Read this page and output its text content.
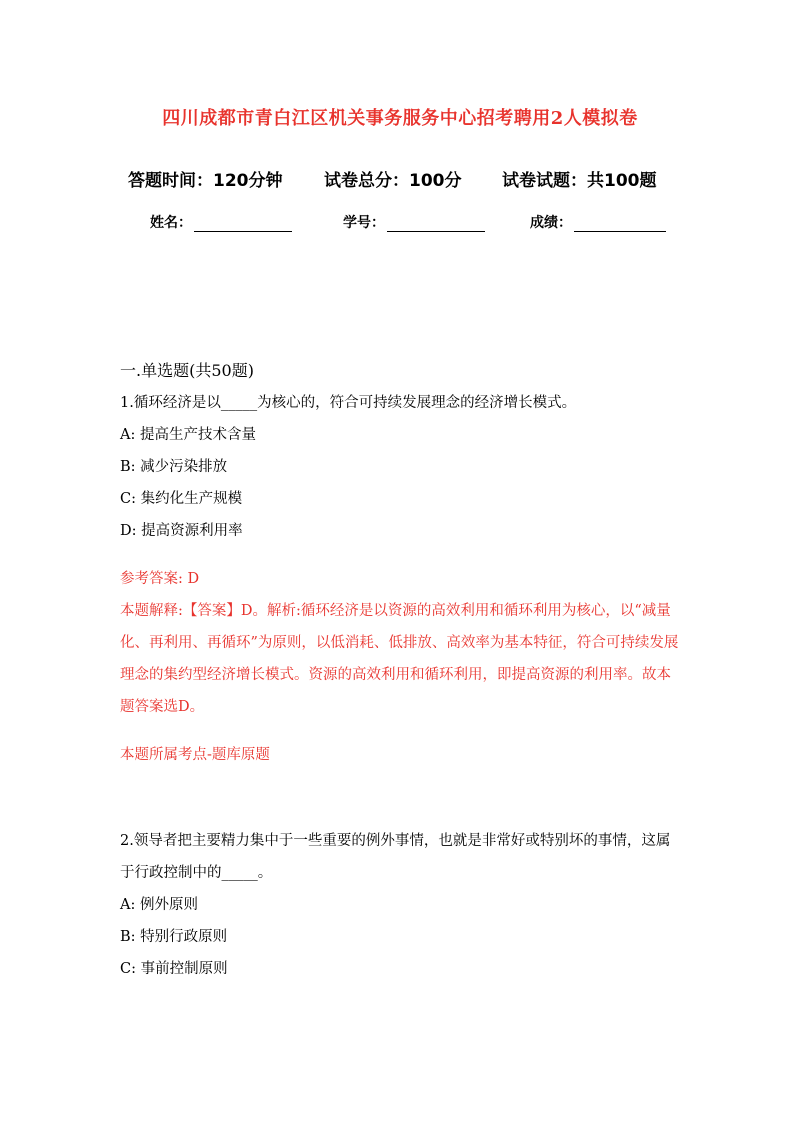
四川成都市青白江区机关事务服务中心招考聘用2人模拟卷
答题时间：120分钟 试卷总分：100分 试卷试题：共100题
姓名：	学号：	成绩：
一.单选题(共50题)

1.循环经济是以_____为核心的，符合可持续发展理念的经济增长模式。

A: 提高生产技术含量

B: 减少污染排放

C: 集约化生产规模

D: 提高资源利用率

参考答案: D

本题解释:【答案】D。解析:循环经济是以资源的高效利用和循环利用为核心，以“减量化、再利用、再循环”为原则，以低消耗、低排放、高效率为基本特征，符合可持续发展理念的集约型经济增长模式。资源的高效利用和循环利用，即提高资源的利用率。故本题答案选D。

本题所属考点-题库原题

2.领导者把主要精力集中于一些重要的例外事情，也就是非常好或特别坏的事情，这属于行政控制中的_____。

A: 例外原则

B: 特别行政原则

C: 事前控制原则
